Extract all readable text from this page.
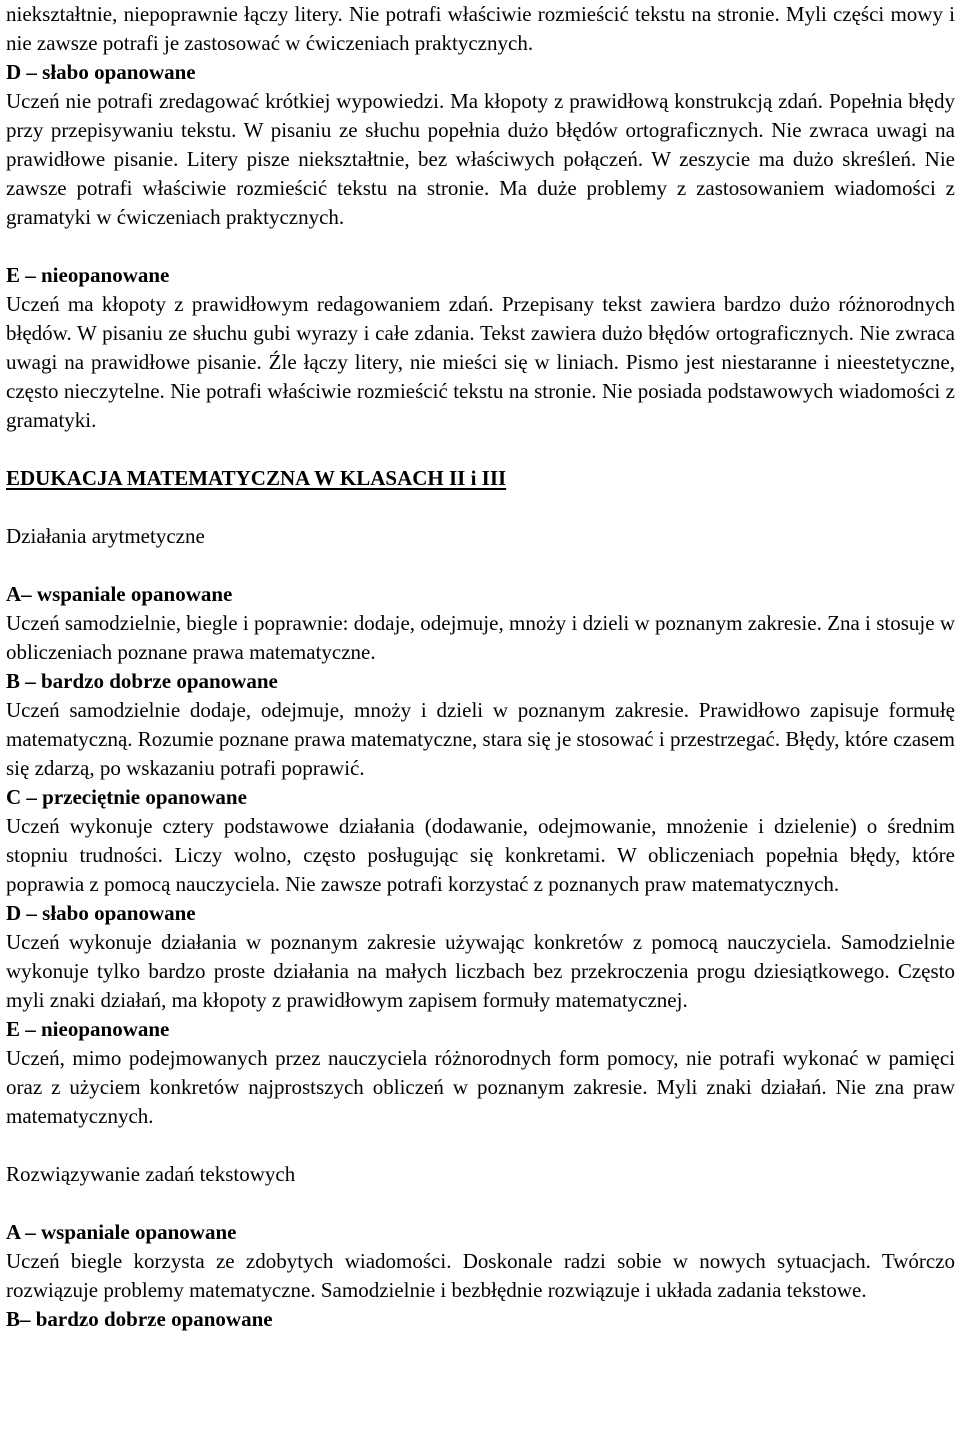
niekształtnie, niepoprawnie łączy litery. Nie potrafi właściwie rozmieścić tekstu na stronie. Myli części mowy i nie zawsze potrafi je zastosować w ćwiczeniach praktycznych.

D – słabo opanowane

Uczeń nie potrafi zredagować krótkiej wypowiedzi. Ma kłopoty z prawidłową konstrukcją zdań. Popełnia błędy przy przepisywaniu tekstu. W pisaniu ze słuchu popełnia dużo błędów ortograficznych. Nie zwraca uwagi na prawidłowe pisanie. Litery pisze niekształtnie, bez właściwych połączeń. W zeszycie ma dużo skreśleń. Nie zawsze potrafi właściwie rozmieścić tekstu na stronie. Ma duże problemy z zastosowaniem wiadomości z gramatyki w ćwiczeniach praktycznych.

E – nieopanowane

Uczeń ma kłopoty z prawidłowym redagowaniem zdań. Przepisany tekst zawiera bardzo dużo różnorodnych błędów. W pisaniu ze słuchu gubi wyrazy i całe zdania. Tekst zawiera dużo błędów ortograficznych. Nie zwraca uwagi na prawidłowe pisanie. Źle łączy litery, nie mieści się w liniach. Pismo jest niestaranne i nieestetyczne, często nieczytelne. Nie potrafi właściwie rozmieścić tekstu na stronie. Nie posiada podstawowych wiadomości z gramatyki.

EDUKACJA MATEMATYCZNA W KLASACH II i III

Działania arytmetyczne

A– wspaniale opanowane

Uczeń samodzielnie, biegle i poprawnie: dodaje, odejmuje, mnoży i dzieli w poznanym zakresie. Zna i stosuje w obliczeniach poznane prawa matematyczne.

B – bardzo dobrze opanowane

Uczeń samodzielnie dodaje, odejmuje, mnoży i dzieli w poznanym zakresie. Prawidłowo zapisuje formułę matematyczną. Rozumie poznane prawa matematyczne, stara się je stosować i przestrzegać. Błędy, które czasem się zdarzą, po wskazaniu potrafi poprawić.

C – przeciętnie opanowane

Uczeń wykonuje cztery podstawowe działania (dodawanie, odejmowanie, mnożenie i dzielenie) o średnim stopniu trudności. Liczy wolno, często posługując się konkretami. W obliczeniach popełnia błędy, które poprawia z pomocą nauczyciela. Nie zawsze potrafi korzystać z poznanych praw matematycznych.

D – słabo opanowane

Uczeń wykonuje działania w poznanym zakresie używając konkretów z pomocą nauczyciela. Samodzielnie wykonuje tylko bardzo proste działania na małych liczbach bez przekroczenia progu dziesiątkowego. Często myli znaki działań, ma kłopoty z prawidłowym zapisem formuły matematycznej.

E – nieopanowane

Uczeń, mimo podejmowanych przez nauczyciela różnorodnych form pomocy, nie potrafi wykonać w pamięci oraz z użyciem konkretów najprostszych obliczeń w poznanym zakresie. Myli znaki działań. Nie zna praw matematycznych.

Rozwiązywanie zadań tekstowych

A – wspaniale opanowane

Uczeń biegle korzysta ze zdobytych wiadomości. Doskonale radzi sobie w nowych sytuacjach. Twórczo rozwiązuje problemy matematyczne. Samodzielnie i bezbłędnie rozwiązuje i układa zadania tekstowe.

B– bardzo dobrze opanowane
